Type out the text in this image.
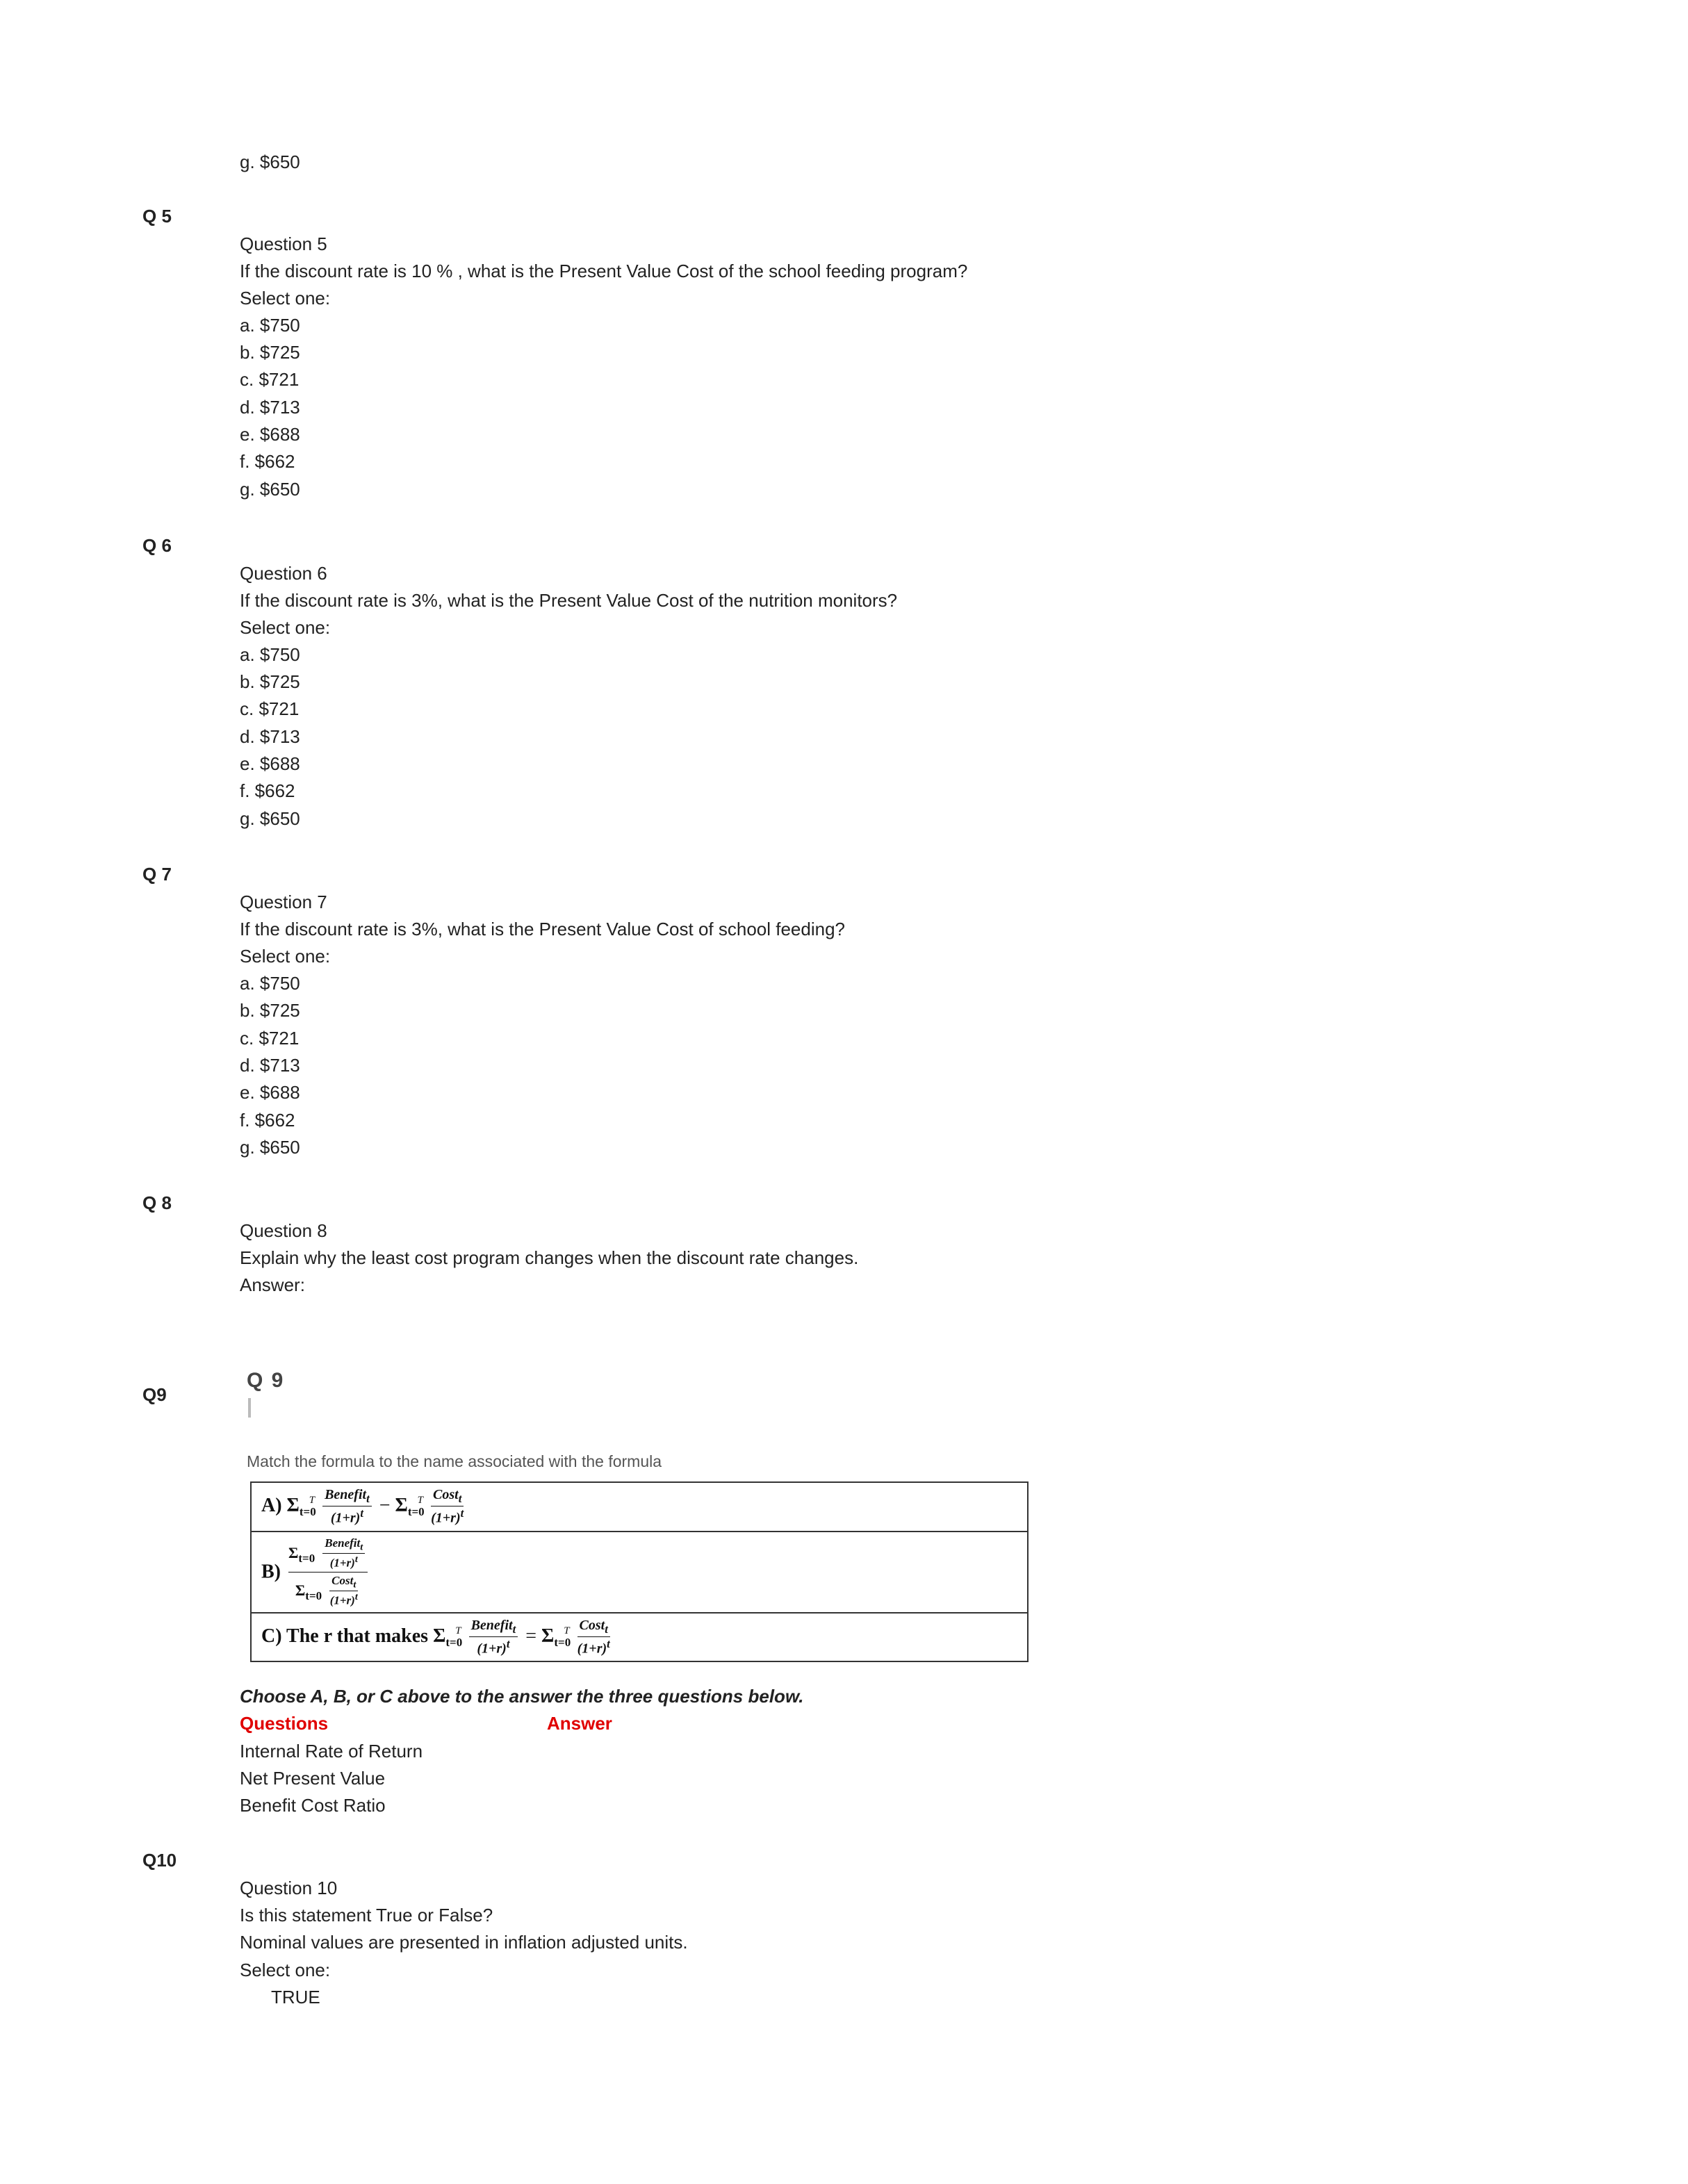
g. $650
Q 5
Question 5
If the discount rate is 10 % , what is the Present Value Cost of the school feeding program?
Select one:
a. $750
b. $725
c. $721
d. $713
e. $688
f. $662
g. $650
Q 6
Question 6
If the discount rate is 3%, what is the Present Value Cost of the nutrition monitors?
Select one:
a. $750
b. $725
c. $721
d. $713
e. $688
f. $662
g. $650
Q 7
Question 7
If the discount rate is 3%, what is the Present Value Cost of school feeding?
Select one:
a. $750
b. $725
c. $721
d. $713
e. $688
f. $662
g. $650
Q 8
Question 8
Explain why the least cost program changes when the discount rate changes.
Answer:
Q9
Q 9
Match the formula to the name associated with the formula
A) $\Sigma_{t=0}^T \frac{Benefit_t}{(1+r)^t} - \Sigma_{t=0}^T \frac{Cost_t}{(1+r)^t}$

$B) \frac{\Sigma_{t=0} \frac{Benefit_t}{(1+r)^t}}{\Sigma_{t=0} \frac{Cost_t}{(1+r)^t}}$

C) The r that makes $\Sigma_{t=0}^T \frac{Benefit_t}{(1+r)^t} = \Sigma_{t=0}^T \frac{Cost_t}{(1+r)^t}$
Choose A, B, or C above to the answer the three questions below.
Questions	Answer
Internal Rate of Return
Net Present Value
Benefit Cost Ratio
Q10
Question 10
Is this statement True or False?
Nominal values are presented in inflation adjusted units.
Select one:
TRUE
